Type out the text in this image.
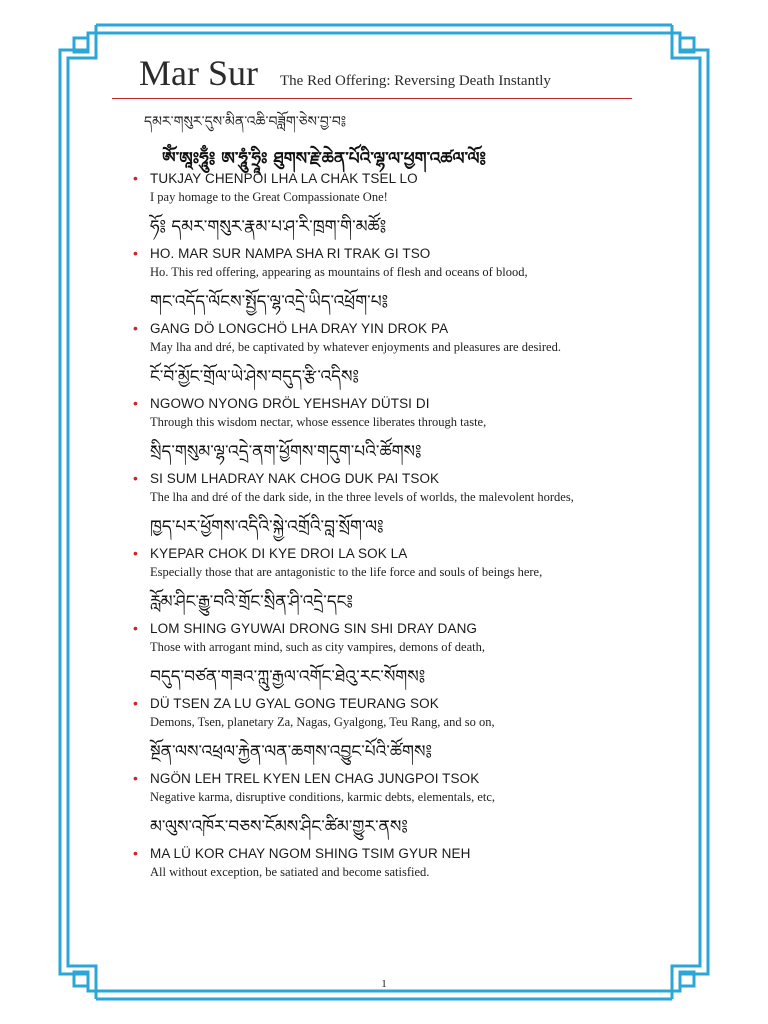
Mar Sur The Red Offering: Reversing Death Instantly
དམར་གསུར་དུས་མིན་འཆི་བཟློག་ཅེས་བྱ་བ༔
ༀ་ཨཱཿཧཱུྃ༔ ཨ་ཧཱུཾ་ཧྲཱིཿ ཐུགས་རྗེ་ཆེན་པོའི་ལྷ་ལ་ཕྱག་འཚལ་ལོ༔
• TUKJAY CHENPOI LHA LA CHAK TSEL LO
I pay homage to the Great Compassionate One!
ཧོ༔ དམར་གསུར་རྣམ་པ་ཤ་རི་ཁྲག་གི་མཚོ༔
• HO. MAR SUR NAMPA SHA RI TRAK GI TSO
Ho. This red offering, appearing as mountains of flesh and oceans of blood,
གང་འདོད་ལོངས་སྤྱོད་ལྷ་འདྲེ་ཡིད་འཕྲོག་པ༔
• GANG DÖ LONGCHÖ LHA DRAY YIN DROK PA
May lha and dré, be captivated by whatever enjoyments and pleasures are desired.
ངོ་བོ་མྱོང་གྲོལ་ཡེ་ཤེས་བདུད་རྩི་འདིས༔
• NGOWO NYONG DRÖL YEHSHAY DÜTSI DI
Through this wisdom nectar, whose essence liberates through taste,
སྲིད་གསུམ་ལྷ་འདྲེ་ནག་ཕྱོགས་གདུག་པའི་ཚོགས༔
• SI SUM LHADRAY NAK CHOG DUK PAI TSOK
The lha and dré of the dark side, in the three levels of worlds, the malevolent hordes,
ཁྱད་པར་ཕྱོགས་འདིའི་སྐྱེ་འགྲོའི་བླ་སྲོག་ལ༔
• KYEPAR CHOK DI KYE DROI LA SOK LA
Especially those that are antagonistic to the life force and souls of beings here,
རློམ་ཤིང་རྒྱུ་བའི་གྲོང་སྲིན་ཤི་འདྲེ་དང༔
• LOM SHING GYUWAI DRONG SIN SHI DRAY DANG
Those with arrogant mind, such as city vampires, demons of death,
བདུད་བཙན་གཟའ་ཀླུ་རྒྱལ་འགོང་ཐེའུ་རང་སོགས༔
• DÜ TSEN ZA LU GYAL GONG TEURANG SOK
Demons, Tsen, planetary Za, Nagas, Gyalgong, Teu Rang, and so on,
སྔོན་ལས་འཕྲལ་རྐྱེན་ལན་ཆགས་འབྱུང་པོའི་ཚོགས༔
• NGÖN LEH TREL KYEN LEN CHAG JUNGPOI TSOK
Negative karma, disruptive conditions, karmic debts, elementals, etc,
མ་ལུས་འཁོར་བཅས་ངོམས་ཤིང་ཚིམ་གྱུར་ནས༔
• MA LÜ KOR CHAY NGOM SHING TSIM GYUR NEH
All without exception, be satiated and become satisfied.
1
